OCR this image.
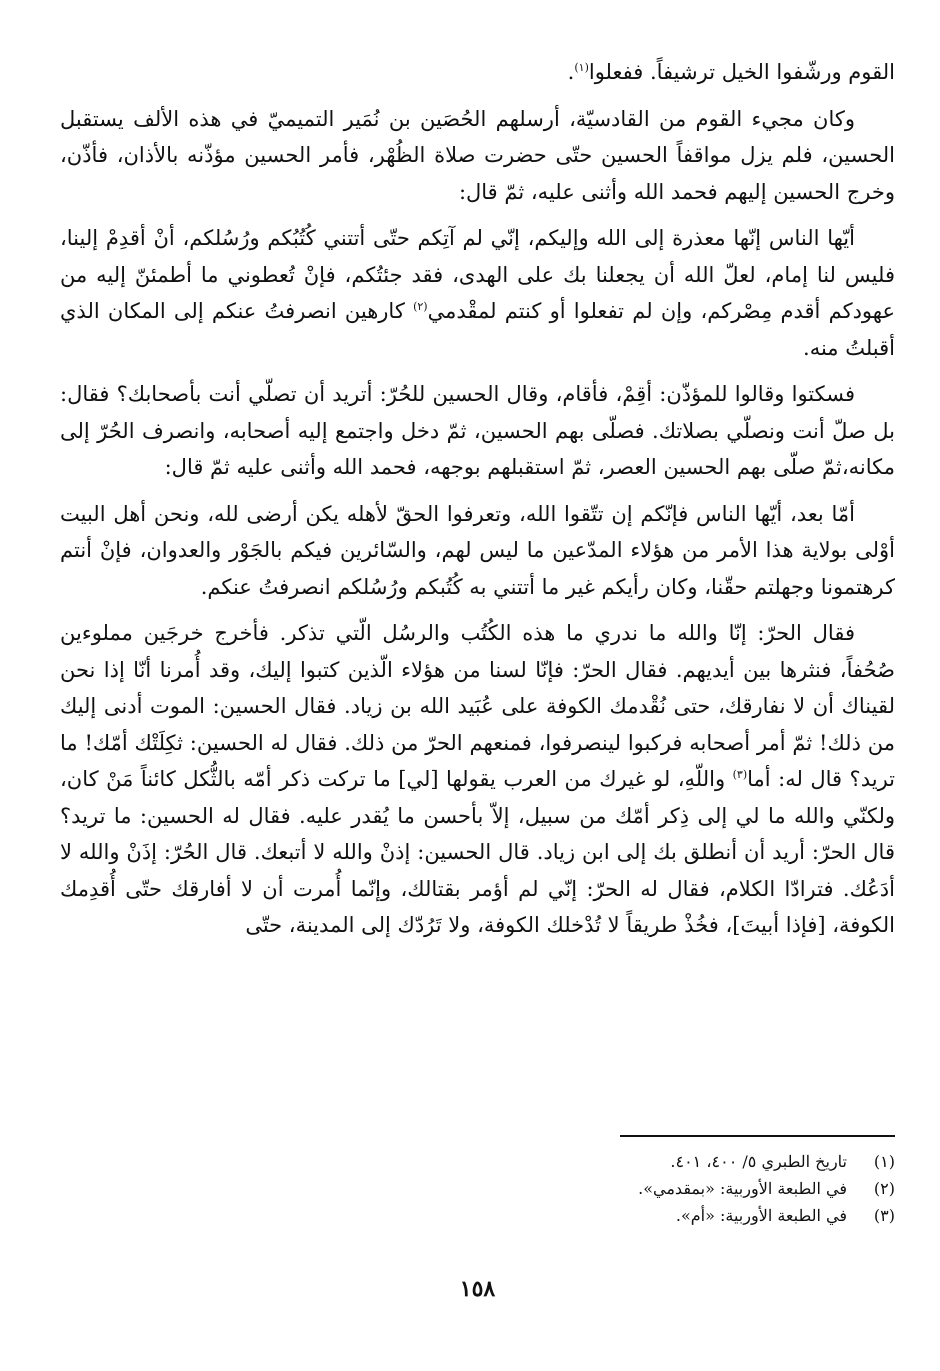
القوم ورشّفوا الخيل ترشيفاً. ففعلوا$^{(١)}$.

وكان مجيء القوم من القادسيّة، أرسلهم الحُصَين بن نُمَير التميميّ في هذه الألف يستقبل الحسين، فلم يزل مواقفاً الحسين حتّى حضرت صلاة الظُهْر، فأمر الحسين مؤذّنه بالأذان، فأذّن، وخرج الحسين إليهم فحمد الله وأثنى عليه، ثمّ قال:

أيّها الناس إنّها معذرة إلى الله وإليكم، إنّي لم آتِكم حتّى أتتني كُتُبُكم ورُسُلكم، أنْ أقدِمْ إلينا، فليس لنا إمام، لعلّ الله أن يجعلنا بك على الهدى، فقد جئتُكم، فإنْ تُعطوني ما أطمئنّ إليه من عهودكم أقدم مِصْركم، وإن لم تفعلوا أو كنتم لمقْدمي$^{(٢)}$ كارهين انصرفتُ عنكم إلى المكان الذي أقبلتُ منه.

فسكتوا وقالوا للمؤذّن: أقِمْ، فأقام، وقال الحسين للحُرّ: أتريد أن تصلّي أنت بأصحابك؟ فقال: بل صلّ أنت ونصلّي بصلاتك. فصلّى بهم الحسين، ثمّ دخل واجتمع إليه أصحابه، وانصرف الحُرّ إلى مكانه،ثمّ صلّى بهم الحسين العصر، ثمّ استقبلهم بوجهه، فحمد الله وأثنى عليه ثمّ قال:

أمّا بعد، أيّها الناس فإنّكم إن تتّقوا الله، وتعرفوا الحقّ لأهله يكن أرضى لله، ونحن أهل البيت أوْلى بولاية هذا الأمر من هؤلاء المدّعين ما ليس لهم، والسّائرين فيكم بالجَوْر والعدوان، فإنْ أنتم كرهتمونا وجهلتم حقّنا، وكان رأيكم غير ما أتتني به كُتُبكم ورُسُلكم انصرفتُ عنكم.

فقال الحرّ: إنّا والله ما ندري ما هذه الكُتُب والرسُل الّتي تذكر. فأخرج خرجَين مملوءين صُحُفاً، فنثرها بين أيديهم. فقال الحرّ: فإنّا لسنا من هؤلاء الّذين كتبوا إليك، وقد أُمرنا أنّا إذا نحن لقيناك أن لا نفارقك، حتى نُقْدمك الكوفة على عُبَيد الله بن زياد. فقال الحسين: الموت أدنى إليك من ذلك! ثمّ أمر أصحابه فركبوا لينصرفوا، فمنعهم الحرّ من ذلك. فقال له الحسين: ثكِلَتْك أمّك! ما تريد؟ قال له: أما$^{(٣)}$ واللّهِ، لو غيرك من العرب يقولها [لي] ما تركت ذكر أمّه بالثُّكل كائناً مَنْ كان، ولكنّي والله ما لي إلى ذِكر أمّك من سبيل، إلاّ بأحسن ما يُقدر عليه. فقال له الحسين: ما تريد؟ قال الحرّ: أريد أن أنطلق بك إلى ابن زياد. قال الحسين: إذنْ والله لا أتبعك. قال الحُرّ: إذَنْ والله لا أدَعُك. فترادّا الكلام، فقال له الحرّ: إنّي لم أؤمر بقتالك، وإنّما أُمرت أن لا أفارقك حتّى أُقدِمك الكوفة، [فإذا أبيتَ]، فخُذْ طريقاً لا تُدْخلك الكوفة، ولا تَرُدّك إلى المدينة، حتّى

(١)
تاريخ الطبري ٥/ ٤٠٠، ٤٠١.
(٢)
في الطبعة الأوربية: «بمقدمي».
(٣)
في الطبعة الأوربية: «أم».
١٥٨
